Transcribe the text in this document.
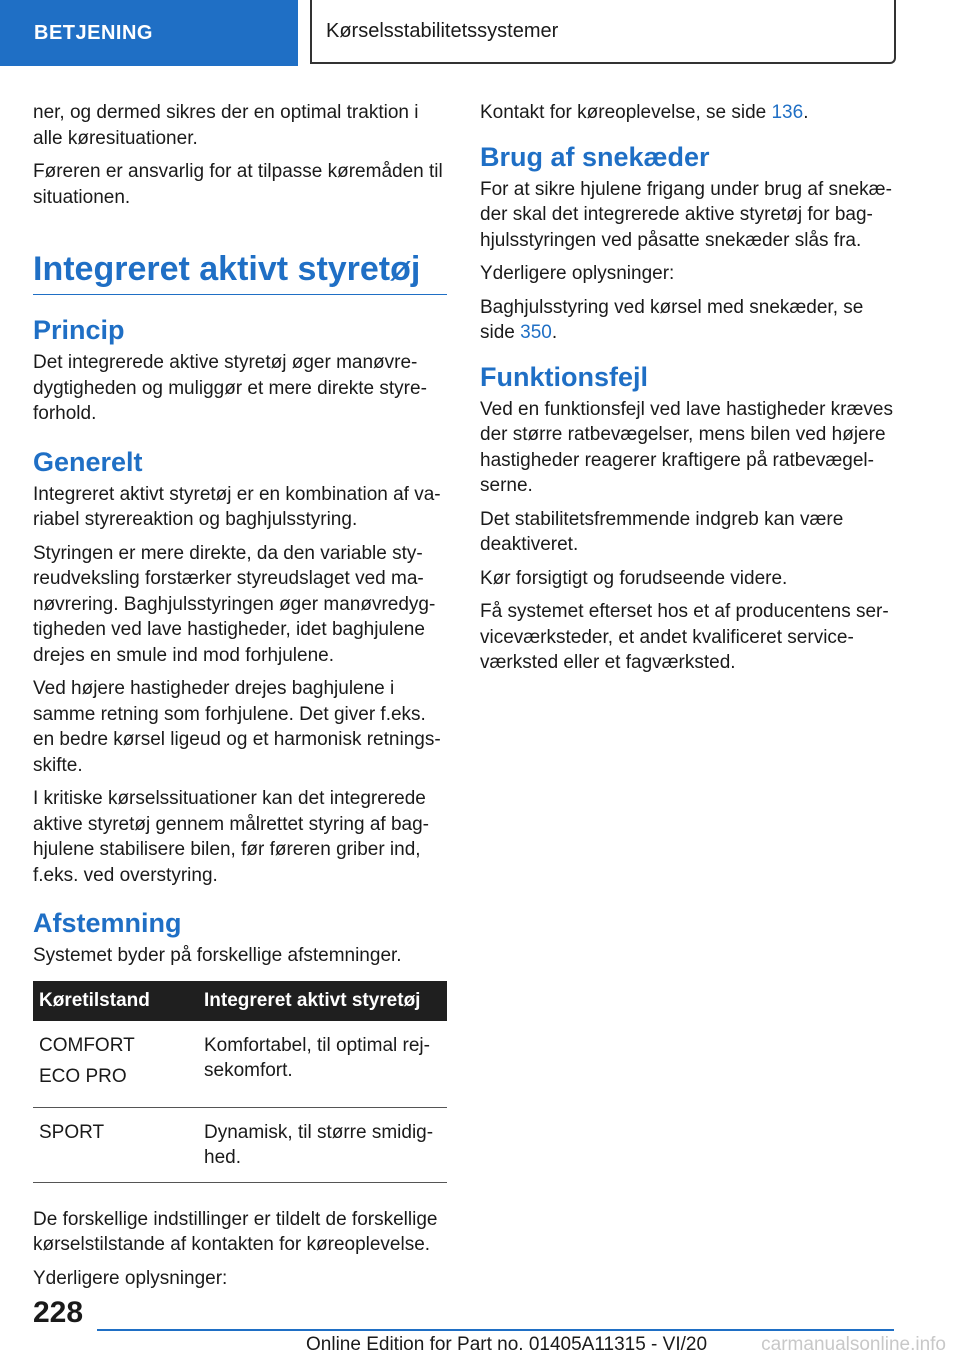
BETJENING	Kørselsstabilitetssystemer

ner, og dermed sikres der en optimal traktion i alle køresituationer.

Føreren er ansvarlig for at tilpasse køremåden til situationen.

Integreret aktivt styretøj
Princip

Det integrerede aktive styretøj øger manøvredygtigheden og muliggør et mere direkte styreforhold.

Generelt

Integreret aktivt styretøj er en kombination af variabel styrereaktion og baghjulsstyring.

Styringen er mere direkte, da den variable styreudveksling forstærker styreudslaget ved manøvrering. Baghjulsstyringen øger manøvredygtigheden ved lave hastigheder, idet baghjulene drejes en smule ind mod forhjulene.

Ved højere hastigheder drejes baghjulene i samme retning som forhjulene. Det giver f.eks. en bedre kørsel ligeud og et harmonisk retningsskifte.

I kritiske kørselssituationer kan det integrerede aktive styretøj gennem målrettet styring af baghjulene stabilisere bilen, før føreren griber ind, f.eks. ved overstyring.

Afstemning

Systemet byder på forskellige afstemninger.

Køretilstand	Integreret aktivt styretøj

COMFORT
ECO PRO	Komfortabel, til optimal rejsekomfort.
SPORT	Dynamisk, til større smidighed.

De forskellige indstillinger er tildelt de forskellige kørselstilstande af kontakten for køreoplevelse.

Yderligere oplysninger:

Kontakt for køreoplevelse, se side 136.

Brug af snekæder

For at sikre hjulene frigang under brug af snekæder skal det integrerede aktive styretøj for baghjulsstyringen ved påsatte snekæder slås fra.

Yderligere oplysninger:

Baghjulsstyring ved kørsel med snekæder, se side 350.

Funktionsfejl

Ved en funktionsfejl ved lave hastigheder kræves der større ratbevægelser, mens bilen ved højere hastigheder reagerer kraftigere på ratbevægelserne.

Det stabilitetsfremmende indgreb kan være deaktiveret.

Kør forsigtigt og forudseende videre.

Få systemet efterset hos et af producentens serviceværksteder, et andet kvalificeret serviceværksted eller et fagværksted.

228
Online Edition for Part no. 01405A11315 - VI/20	carmanualsonline.info
